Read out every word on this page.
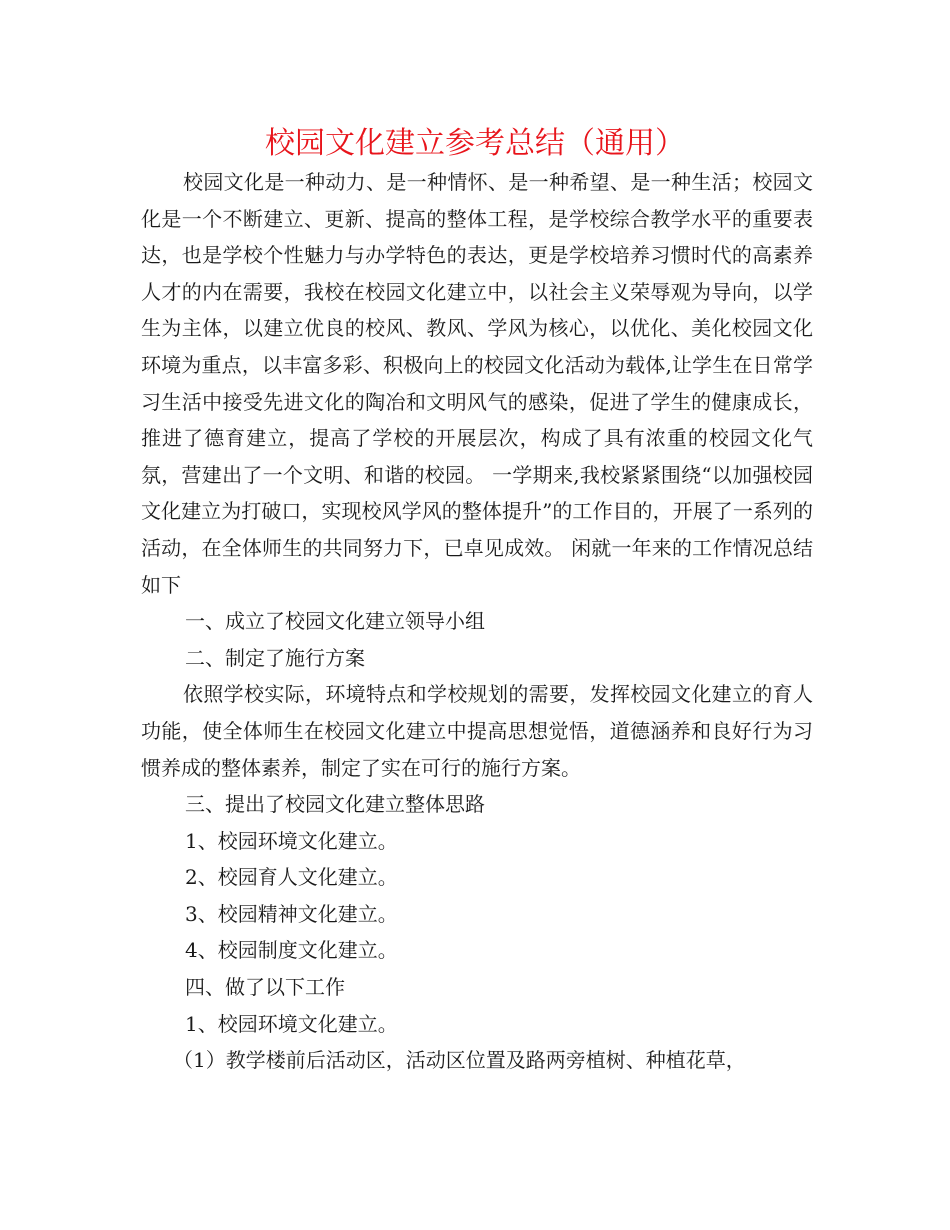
校园文化建立参考总结（通用）

校园文化是一种动力、是一种情怀、是一种希望、是一种生活；校园文化是一个不断建立、更新、提高的整体工程，是学校综合教学水平的重要表达，也是学校个性魅力与办学特色的表达，更是学校培养习惯时代的高素养人才的内在需要，我校在校园文化建立中，以社会主义荣辱观为导向，以学生为主体，以建立优良的校风、教风、学风为核心，以优化、美化校园文化环境为重点，以丰富多彩、积极向上的校园文化活动为载体,让学生在日常学习生活中接受先进文化的陶冶和文明风气的感染，促进了学生的健康成长，推进了德育建立，提高了学校的开展层次，构成了具有浓重的校园文化气氛，营建出了一个文明、和谐的校园。 一学期来,我校紧紧围绕“以加强校园文化建立为打破口，实现校风学风的整体提升”的工作目的，开展了一系列的活动，在全体师生的共同努力下，已卓见成效。 闲就一年来的工作情况总结如下

一、成立了校园文化建立领导小组

二、制定了施行方案

依照学校实际，环境特点和学校规划的需要，发挥校园文化建立的育人功能，使全体师生在校园文化建立中提高思想觉悟，道德涵养和良好行为习惯养成的整体素养，制定了实在可行的施行方案。

三、提出了校园文化建立整体思路

1、校园环境文化建立。

2、校园育人文化建立。

3、校园精神文化建立。

4、校园制度文化建立。

四、做了以下工作

1、校园环境文化建立。

（1）教学楼前后活动区，活动区位置及路两旁植树、种植花草，
